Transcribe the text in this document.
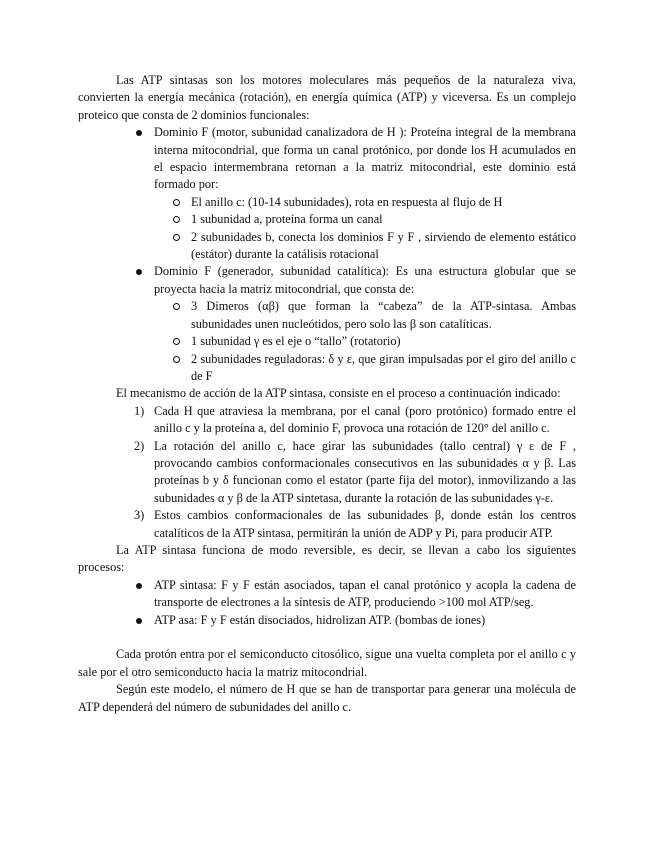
Las ATP sintasas son los motores moleculares más pequeños de la naturaleza viva, convierten la energía mecánica (rotación), en energía química (ATP) y viceversa. Es un complejo proteico que consta de 2 dominios funcionales:

Dominio F (motor, subunidad canalizadora de H ): Proteína integral de la membrana interna mitocondrial, que forma un canal protónico, por donde los H acumulados en el espacio intermembrana retornan a la matriz mitocondrial, este dominio está formado por:
El anillo c: (10-14 subunidades), rota en respuesta al flujo de H
1 subunidad a, proteína forma un canal
2 subunidades b, conecta los dominios F y F , sirviendo de elemento estático (estátor) durante la catálisis rotacional
Dominio F (generador, subunidad catalítica): Es una estructura globular que se proyecta hacia la matriz mitocondrial, que consta de:
3 Dímeros (αβ) que forman la “cabeza” de la ATP-sintasa. Ambas subunidades unen nucleótidos, pero solo las β son catalíticas.
1 subunidad γ es el eje o “tallo” (rotatorio)
2 subunidades reguladoras: δ y ε, que giran impulsadas por el giro del anillo c de F

El mecanismo de acción de la ATP sintasa, consiste en el proceso a continuación indicado:

1) Cada H que atraviesa la membrana, por el canal (poro protónico) formado entre el anillo c y la proteína a, del dominio F, provoca una rotación de 120° del anillo c.
2) La rotación del anillo c, hace girar las subunidades (tallo central) γ ε de F , provocando cambios conformacionales consecutivos en las subunidades α y β. Las proteínas b y δ funcionan como el estator (parte fija del motor), inmovilizando a las subunidades α y β de la ATP sintetasa, durante la rotación de las subunidades γ-ε.
3) Estos cambios conformacionales de las subunidades β, donde están los centros catalíticos de la ATP sintasa, permitirán la unión de ADP y Pi, para producir ATP.

La ATP sintasa funciona de modo reversible, es decir, se llevan a cabo los siguientes procesos:

ATP sintasa: F y F están asociados, tapan el canal protónico y acopla la cadena de transporte de electrones a la síntesis de ATP, produciendo >100 mol ATP/seg.
ATP asa: F y F están disociados, hidrolizan ATP. (bombas de iones)

Cada protón entra por el semiconducto citosólico, sigue una vuelta completa por el anillo c y sale por el otro semiconducto hacia la matriz mitocondrial.

Según este modelo, el número de H que se han de transportar para generar una molécula de ATP dependerá del número de subunidades del anillo c.
